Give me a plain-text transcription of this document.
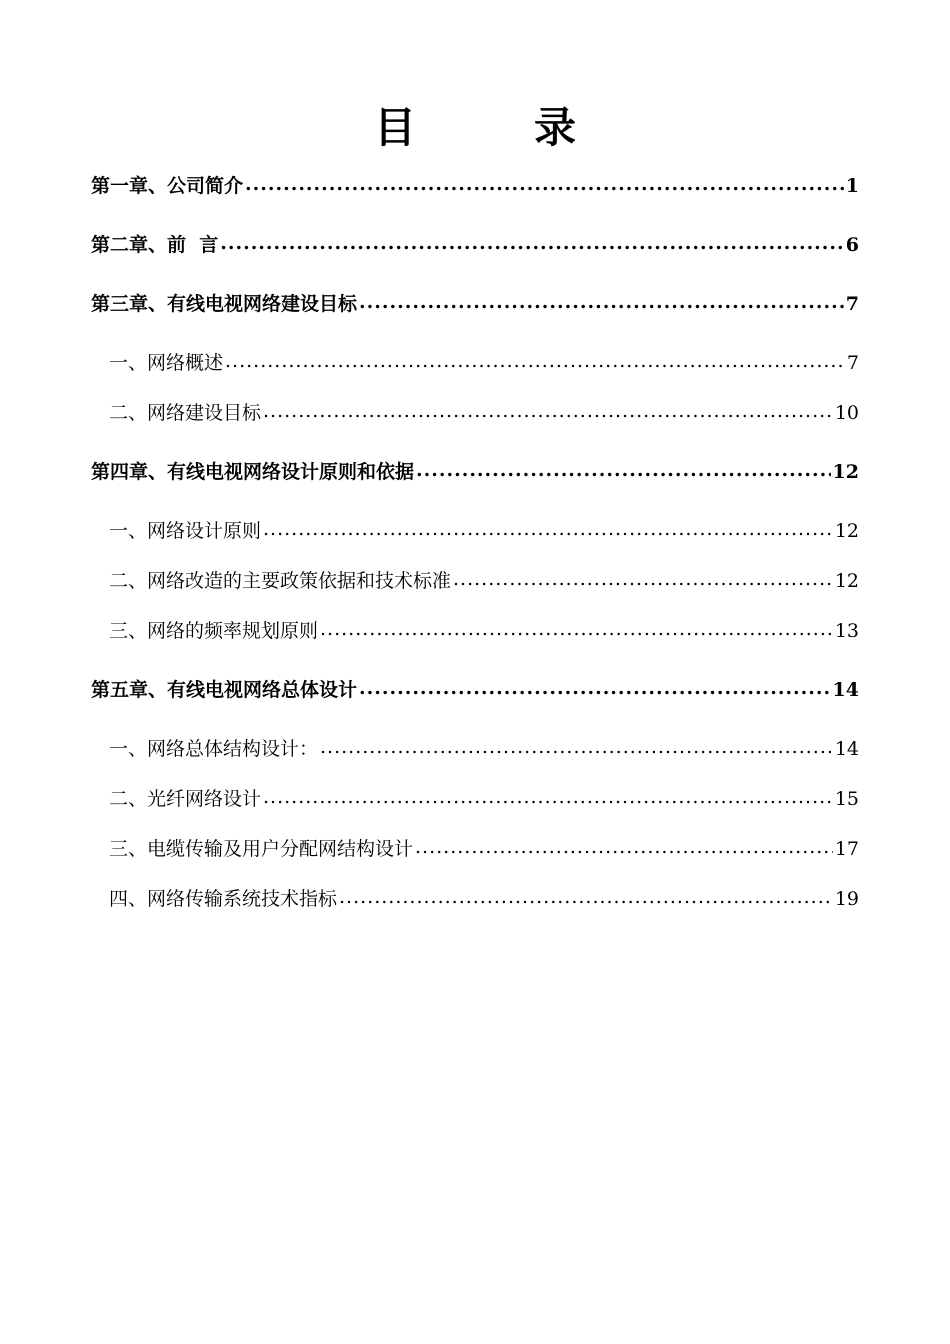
目	录
第一章、公司简介 .....	1
第二章、前  言 .....	6
第三章、有线电视网络建设目标 .....	7
一、网络概述 .....	7
二、网络建设目标 .....	10
第四章、有线电视网络设计原则和依据 .....	12
一、网络设计原则 .....	12
二、网络改造的主要政策依据和技术标准 .....	12
三、网络的频率规划原则 .....	13
第五章、有线电视网络总体设计 .....	14
一、网络总体结构设计： .....	14
二、光纤网络设计 .....	15
三、电缆传输及用户分配网结构设计 .....	17
四、网络传输系统技术指标 .....	19
